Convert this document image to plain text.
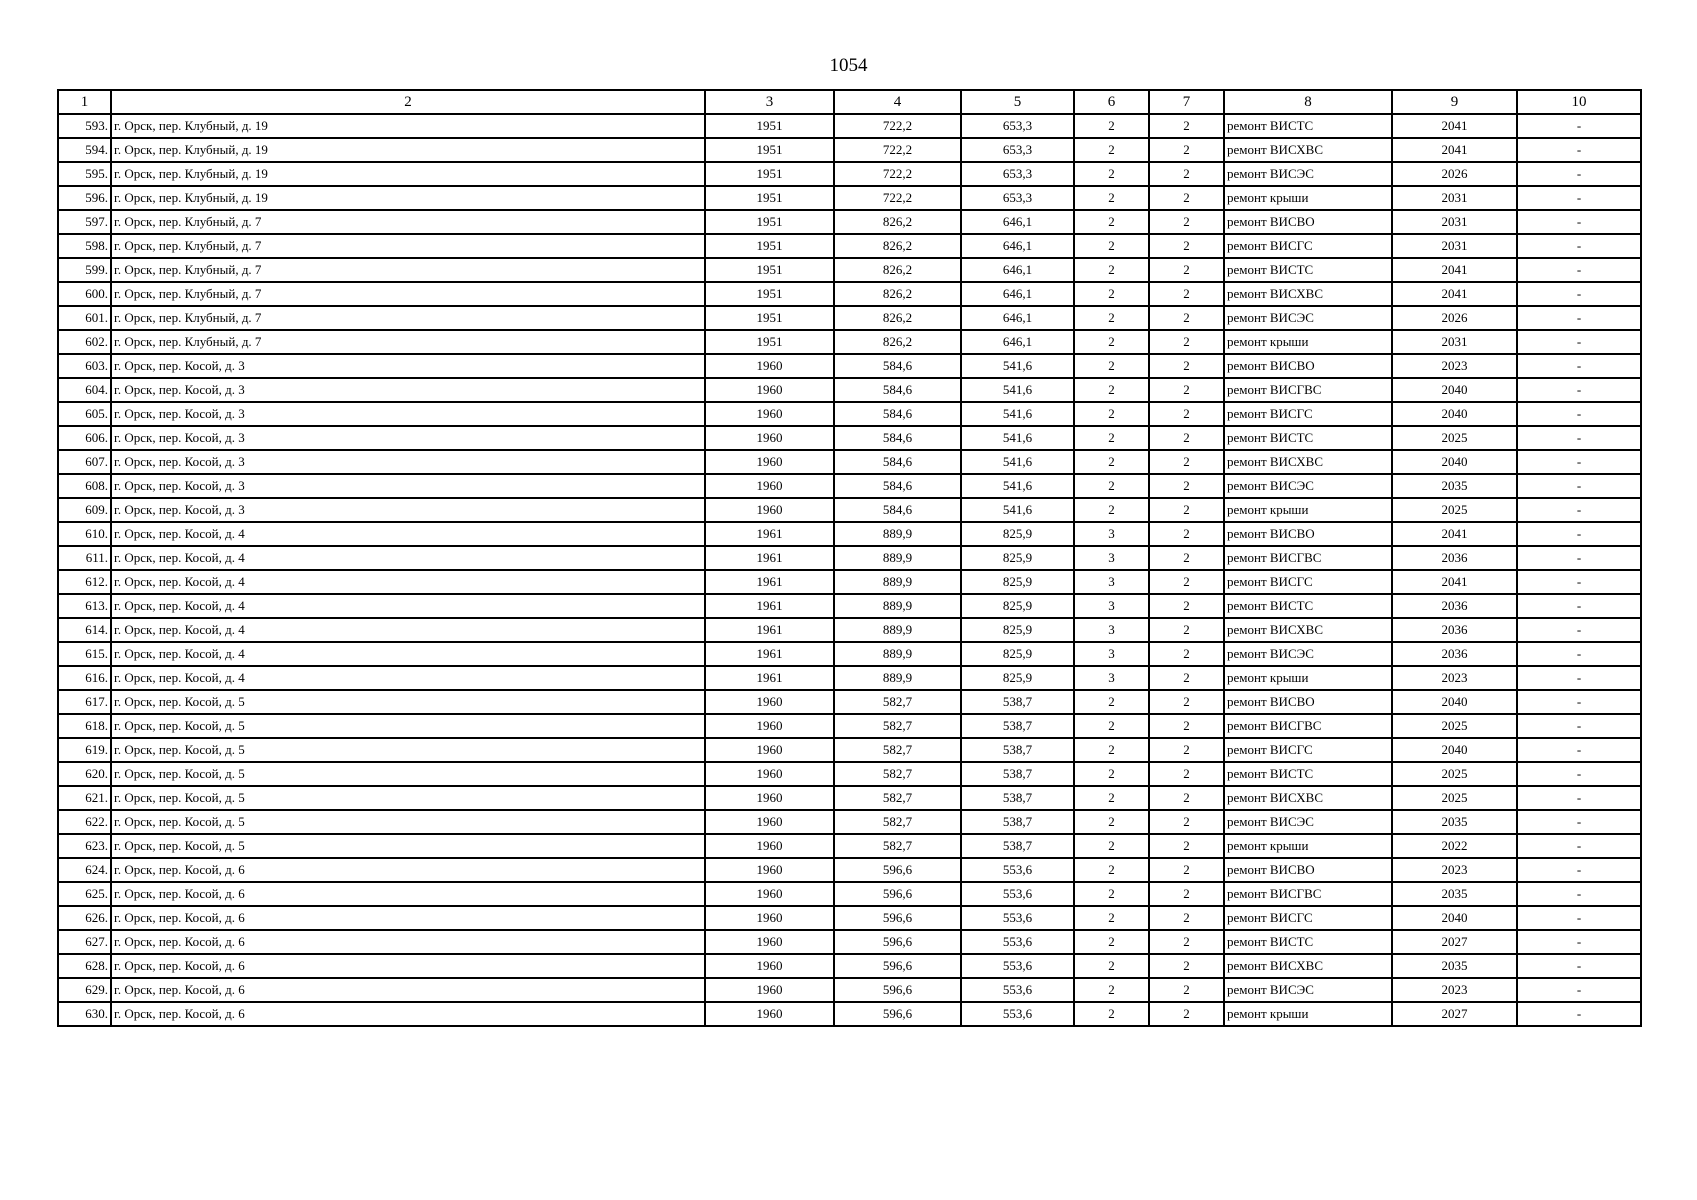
1054
1	2	3	4	5	6	7	8	9	10
593.	г. Орск, пер. Клубный, д. 19	1951	722,2	653,3	2	2	ремонт ВИСТС	2041	-
594.	г. Орск, пер. Клубный, д. 19	1951	722,2	653,3	2	2	ремонт ВИСХВС	2041	-
595.	г. Орск, пер. Клубный, д. 19	1951	722,2	653,3	2	2	ремонт ВИСЭС	2026	-
596.	г. Орск, пер. Клубный, д. 19	1951	722,2	653,3	2	2	ремонт крыши	2031	-
597.	г. Орск, пер. Клубный, д. 7	1951	826,2	646,1	2	2	ремонт ВИСВО	2031	-
598.	г. Орск, пер. Клубный, д. 7	1951	826,2	646,1	2	2	ремонт ВИСГС	2031	-
599.	г. Орск, пер. Клубный, д. 7	1951	826,2	646,1	2	2	ремонт ВИСТС	2041	-
600.	г. Орск, пер. Клубный, д. 7	1951	826,2	646,1	2	2	ремонт ВИСХВС	2041	-
601.	г. Орск, пер. Клубный, д. 7	1951	826,2	646,1	2	2	ремонт ВИСЭС	2026	-
602.	г. Орск, пер. Клубный, д. 7	1951	826,2	646,1	2	2	ремонт крыши	2031	-
603.	г. Орск, пер. Косой, д. 3	1960	584,6	541,6	2	2	ремонт ВИСВО	2023	-
604.	г. Орск, пер. Косой, д. 3	1960	584,6	541,6	2	2	ремонт ВИСГВС	2040	-
605.	г. Орск, пер. Косой, д. 3	1960	584,6	541,6	2	2	ремонт ВИСГС	2040	-
606.	г. Орск, пер. Косой, д. 3	1960	584,6	541,6	2	2	ремонт ВИСТС	2025	-
607.	г. Орск, пер. Косой, д. 3	1960	584,6	541,6	2	2	ремонт ВИСХВС	2040	-
608.	г. Орск, пер. Косой, д. 3	1960	584,6	541,6	2	2	ремонт ВИСЭС	2035	-
609.	г. Орск, пер. Косой, д. 3	1960	584,6	541,6	2	2	ремонт крыши	2025	-
610.	г. Орск, пер. Косой, д. 4	1961	889,9	825,9	3	2	ремонт ВИСВО	2041	-
611.	г. Орск, пер. Косой, д. 4	1961	889,9	825,9	3	2	ремонт ВИСГВС	2036	-
612.	г. Орск, пер. Косой, д. 4	1961	889,9	825,9	3	2	ремонт ВИСГС	2041	-
613.	г. Орск, пер. Косой, д. 4	1961	889,9	825,9	3	2	ремонт ВИСТС	2036	-
614.	г. Орск, пер. Косой, д. 4	1961	889,9	825,9	3	2	ремонт ВИСХВС	2036	-
615.	г. Орск, пер. Косой, д. 4	1961	889,9	825,9	3	2	ремонт ВИСЭС	2036	-
616.	г. Орск, пер. Косой, д. 4	1961	889,9	825,9	3	2	ремонт крыши	2023	-
617.	г. Орск, пер. Косой, д. 5	1960	582,7	538,7	2	2	ремонт ВИСВО	2040	-
618.	г. Орск, пер. Косой, д. 5	1960	582,7	538,7	2	2	ремонт ВИСГВС	2025	-
619.	г. Орск, пер. Косой, д. 5	1960	582,7	538,7	2	2	ремонт ВИСГС	2040	-
620.	г. Орск, пер. Косой, д. 5	1960	582,7	538,7	2	2	ремонт ВИСТС	2025	-
621.	г. Орск, пер. Косой, д. 5	1960	582,7	538,7	2	2	ремонт ВИСХВС	2025	-
622.	г. Орск, пер. Косой, д. 5	1960	582,7	538,7	2	2	ремонт ВИСЭС	2035	-
623.	г. Орск, пер. Косой, д. 5	1960	582,7	538,7	2	2	ремонт крыши	2022	-
624.	г. Орск, пер. Косой, д. 6	1960	596,6	553,6	2	2	ремонт ВИСВО	2023	-
625.	г. Орск, пер. Косой, д. 6	1960	596,6	553,6	2	2	ремонт ВИСГВС	2035	-
626.	г. Орск, пер. Косой, д. 6	1960	596,6	553,6	2	2	ремонт ВИСГС	2040	-
627.	г. Орск, пер. Косой, д. 6	1960	596,6	553,6	2	2	ремонт ВИСТС	2027	-
628.	г. Орск, пер. Косой, д. 6	1960	596,6	553,6	2	2	ремонт ВИСХВС	2035	-
629.	г. Орск, пер. Косой, д. 6	1960	596,6	553,6	2	2	ремонт ВИСЭС	2023	-
630.	г. Орск, пер. Косой, д. 6	1960	596,6	553,6	2	2	ремонт крыши	2027	-
